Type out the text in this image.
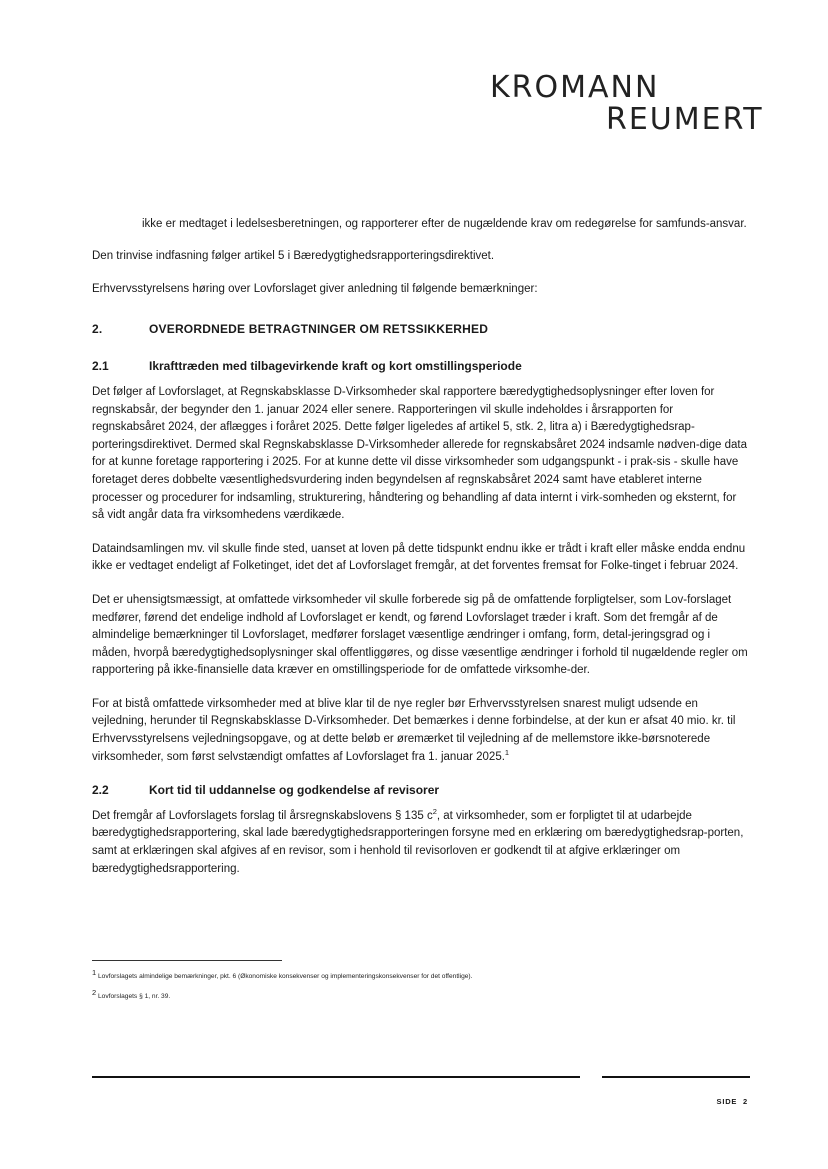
KROMANN
REUMERT

ikke er medtaget i ledelsesberetningen, og rapporterer efter de nugældende krav om redegørelse for samfunds-ansvar.

Den trinvise indfasning følger artikel 5 i Bæredygtighedsrapporteringsdirektivet.

Erhvervsstyrelsens høring over Lovforslaget giver anledning til følgende bemærkninger:

2.	OVERORDNEDE BETRAGTNINGER OM RETSSIKKERHED
2.1	Ikrafttræden med tilbagevirkende kraft og kort omstillingsperiode

Det følger af Lovforslaget, at Regnskabsklasse D-Virksomheder skal rapportere bæredygtighedsoplysninger efter loven for regnskabsår, der begynder den 1. januar 2024 eller senere. Rapporteringen vil skulle indeholdes i årsrapporten for regnskabsåret 2024, der aflægges i foråret 2025. Dette følger ligeledes af artikel 5, stk. 2, litra a) i Bæredygtighedsrap-porteringsdirektivet. Dermed skal Regnskabsklasse D-Virksomheder allerede for regnskabsåret 2024 indsamle nødven-dige data for at kunne foretage rapportering i 2025. For at kunne dette vil disse virksomheder som udgangspunkt - i prak-sis - skulle have foretaget deres dobbelte væsentlighedsvurdering inden begyndelsen af regnskabsåret 2024 samt have etableret interne processer og procedurer for indsamling, strukturering, håndtering og behandling af data internt i virk-somheden og eksternt, for så vidt angår data fra virksomhedens værdikæde.

Dataindsamlingen mv. vil skulle finde sted, uanset at loven på dette tidspunkt endnu ikke er trådt i kraft eller måske endda endnu ikke er vedtaget endeligt af Folketinget, idet det af Lovforslaget fremgår, at det forventes fremsat for Folke-tinget i februar 2024.

Det er uhensigtsmæssigt, at omfattede virksomheder vil skulle forberede sig på de omfattende forpligtelser, som Lov-forslaget medfører, førend det endelige indhold af Lovforslaget er kendt, og førend Lovforslaget træder i kraft. Som det fremgår af de almindelige bemærkninger til Lovforslaget, medfører forslaget væsentlige ændringer i omfang, form, detal-jeringsgrad og i måden, hvorpå bæredygtighedsoplysninger skal offentliggøres, og disse væsentlige ændringer i forhold til nugældende regler om rapportering på ikke-finansielle data kræver en omstillingsperiode for de omfattede virksomhe-der.

For at bistå omfattede virksomheder med at blive klar til de nye regler bør Erhvervsstyrelsen snarest muligt udsende en vejledning, herunder til Regnskabsklasse D-Virksomheder. Det bemærkes i denne forbindelse, at der kun er afsat 40 mio. kr. til Erhvervsstyrelsens vejledningsopgave, og at dette beløb er øremærket til vejledning af de mellemstore ikke-børsnoterede virksomheder, som først selvstændigt omfattes af Lovforslaget fra 1. januar 2025.$^1$

2.2	Kort tid til uddannelse og godkendelse af revisorer

Det fremgår af Lovforslagets forslag til årsregnskabslovens § 135 $c^2$, at virksomheder, som er forpligtet til at udarbejde bæredygtighedsrapportering, skal lade bæredygtighedsrapporteringen forsyne med en erklæring om bæredygtighedsrap-porten, samt at erklæringen skal afgives af en revisor, som i henhold til revisorloven er godkendt til at afgive erklæringer om bæredygtighedsrapportering.

$^1$ Lovforslagets almindelige bemærkninger, pkt. 6 (Økonomiske konsekvenser og implementeringskonsekvenser for det offentlige).
$^2$ Lovforslagets § 1, nr. 39.
SIDE 2
